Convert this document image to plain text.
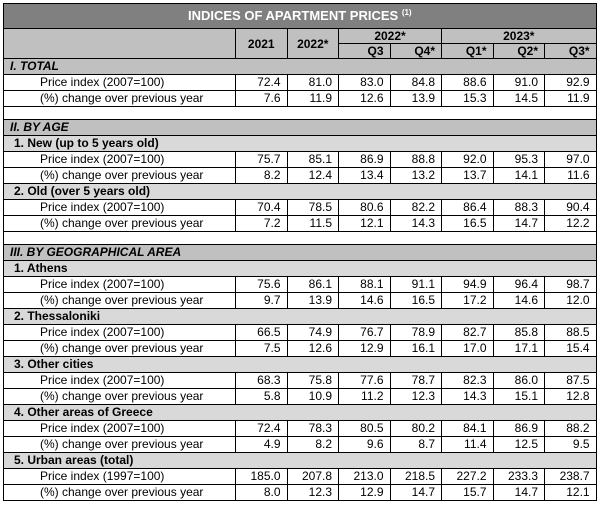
INDICES OF APARTMENT PRICES $^{(1)}$
	2021	2022*	2022*		2023*		
			Q3	Q4*	Q1*	Q2*	Q3*
I. TOTAL							
Price index (2007=100)	72.4	81.0	83.0	84.8	88.6	91.0	92.9
(%) change over previous year	7.6	11.9	12.6	13.9	15.3	14.5	11.9

II. BY AGE							
1. New (up to 5 years old)							
Price index (2007=100)	75.7	85.1	86.9	88.8	92.0	95.3	97.0
(%) change over previous year	8.2	12.4	13.4	13.2	13.7	14.1	11.6
2. Old (over 5 years old)							
Price index (2007=100)	70.4	78.5	80.6	82.2	86.4	88.3	90.4
(%) change over previous year	7.2	11.5	12.1	14.3	16.5	14.7	12.2

III. BY GEOGRAPHICAL AREA							
1. Athens							
Price index (2007=100)	75.6	86.1	88.1	91.1	94.9	96.4	98.7
(%) change over previous year	9.7	13.9	14.6	16.5	17.2	14.6	12.0
2. Thessaloniki							
Price index (2007=100)	66.5	74.9	76.7	78.9	82.7	85.8	88.5
(%) change over previous year	7.5	12.6	12.9	16.1	17.0	17.1	15.4
3. Other cities							
Price index (2007=100)	68.3	75.8	77.6	78.7	82.3	86.0	87.5
(%) change over previous year	5.8	10.9	11.2	12.3	14.3	15.1	12.8
4. Other areas of Greece							
Price index (2007=100)	72.4	78.3	80.5	80.2	84.1	86.9	88.2
(%) change over previous year	4.9	8.2	9.6	8.7	11.4	12.5	9.5
5. Urban areas (total)							
Price index (1997=100)	185.0	207.8	213.0	218.5	227.2	233.3	238.7
(%) change over previous year	8.0	12.3	12.9	14.7	15.7	14.7	12.1
